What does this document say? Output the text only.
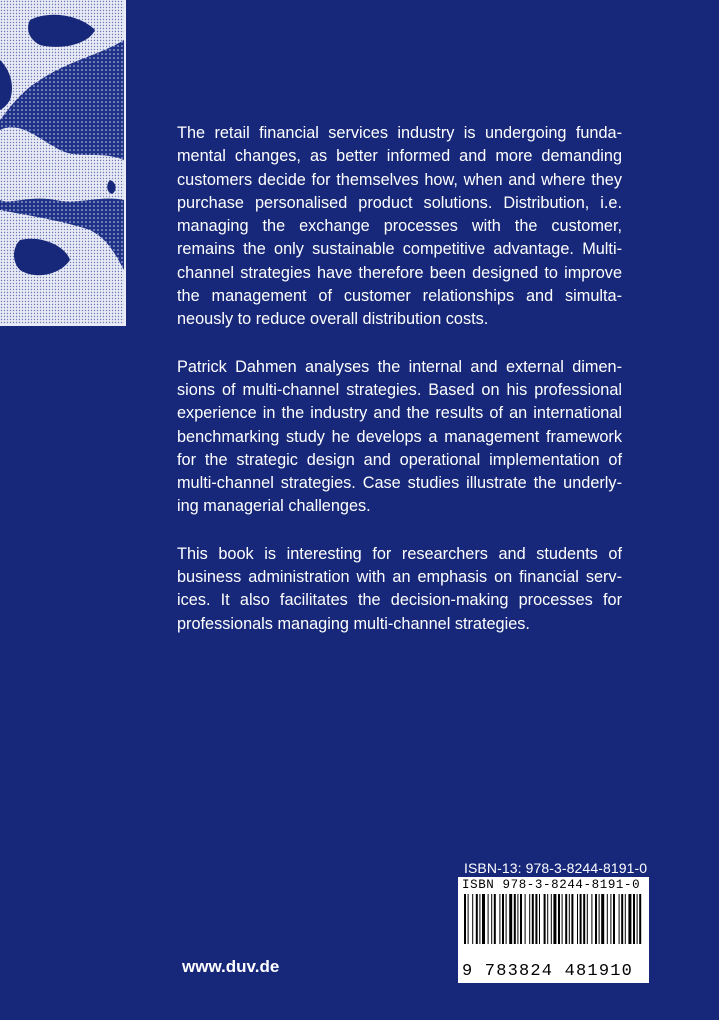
The retail financial services industry is undergoing fundamental changes, as better informed and more demanding customers decide for themselves how, when and where they purchase personalised product solutions. Distribution, i.e. managing the exchange processes with the customer, remains the only sustainable competitive advantage. Multichannel strategies have therefore been designed to improve the management of customer relationships and simultaneously to reduce overall distribution costs.

Patrick Dahmen analyses the internal and external dimensions of multi-channel strategies. Based on his professional experience in the industry and the results of an international benchmarking study he develops a management framework for the strategic design and operational implementation of multi-channel strategies. Case studies illustrate the underlying managerial challenges.

This book is interesting for researchers and students of business administration with an emphasis on financial services. It also facilitates the decision-making processes for professionals managing multi-channel strategies.

ISBN-13: 978-3-8244-8191-0
ISBN 978-3-8244-8191-0
9 783824 481910
www.duv.de
